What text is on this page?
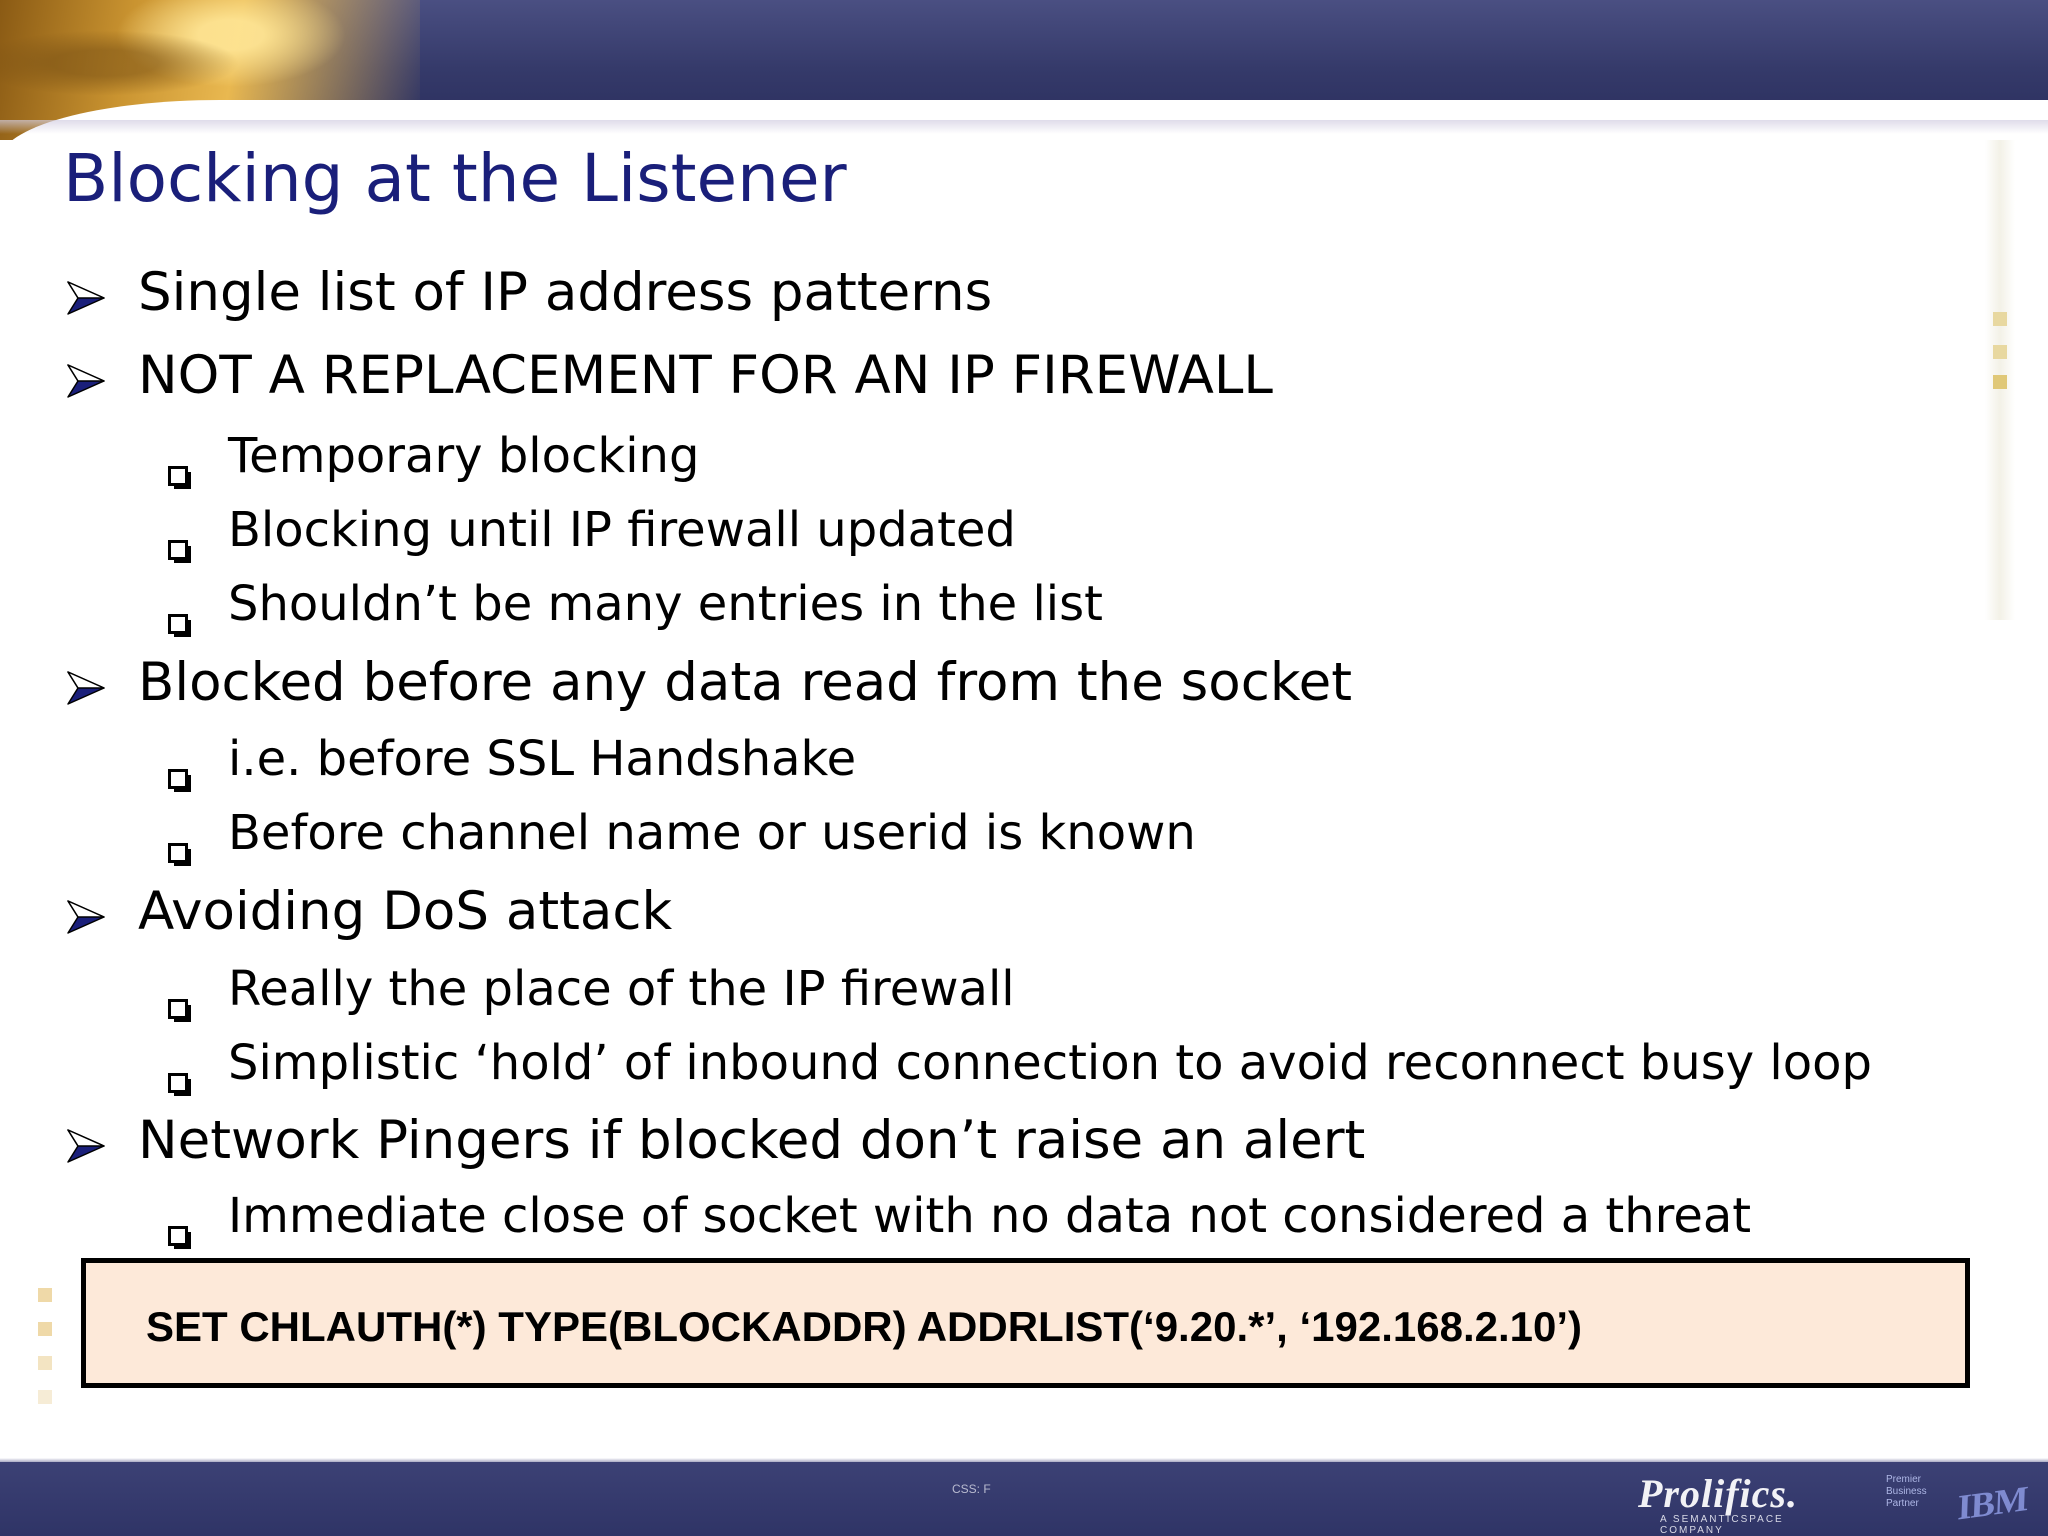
Blocking at the Listener
Single list of IP address patterns
NOT A REPLACEMENT FOR AN IP FIREWALL
Temporary blocking
Blocking until IP firewall updated
Shouldn’t be many entries in the list
Blocked before any data read from the socket
i.e. before SSL Handshake
Before channel name or userid is known
Avoiding DoS attack
Really the place of the IP firewall
Simplistic ‘hold’ of inbound connection to avoid reconnect busy loop
Network Pingers if blocked don’t raise an alert
Immediate close of socket with no data not considered a threat
SET CHLAUTH(*) TYPE(BLOCKADDR) ADDRLIST(‘9.20.*’, ‘192.168.2.10’)
CSS: F	Prolifics.
A SEMANTICSPACE COMPANY
Premier Business Partner	IBM
